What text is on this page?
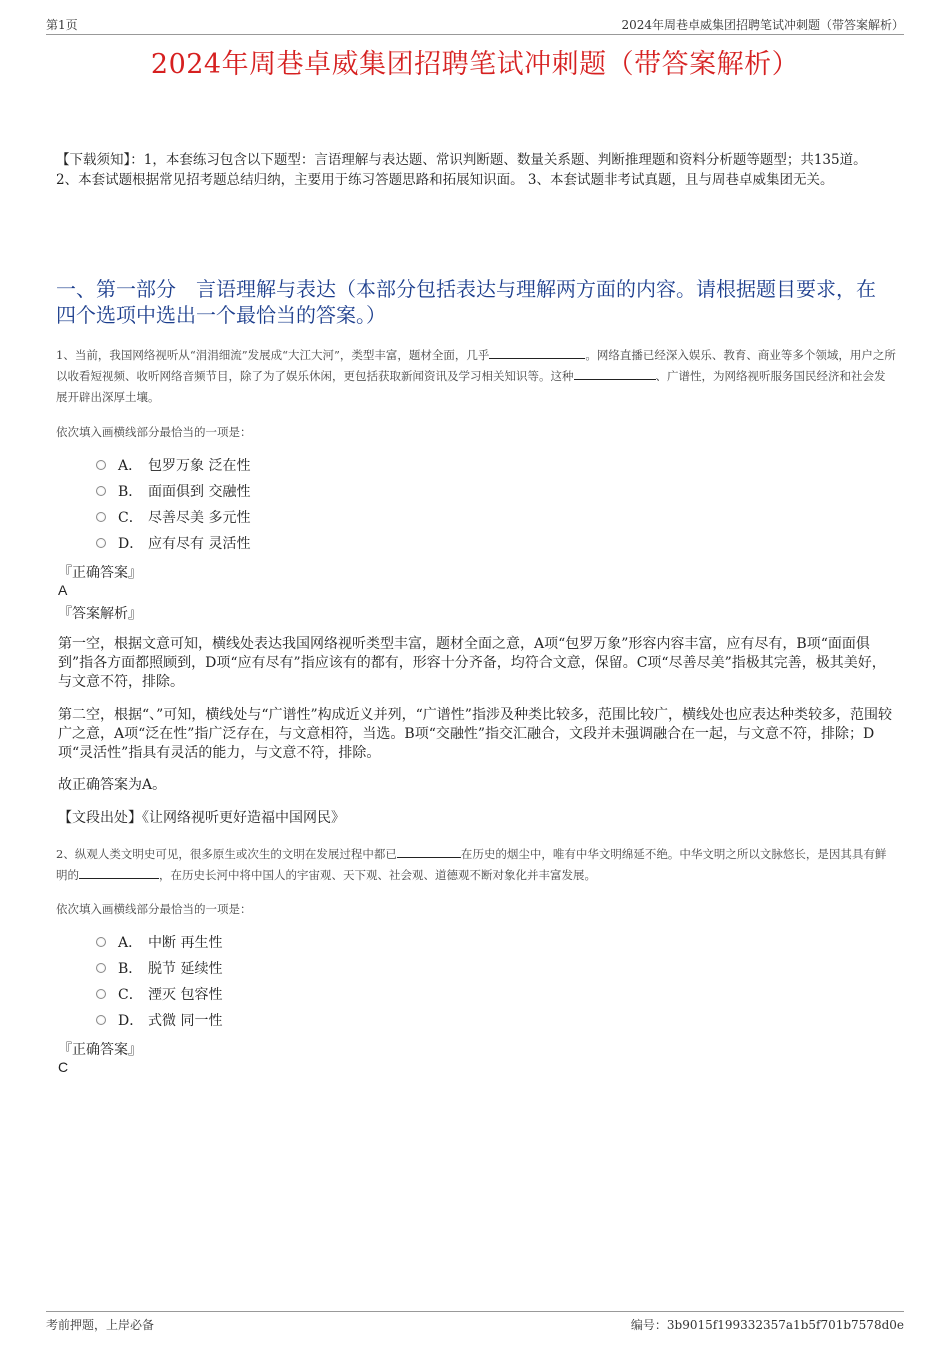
第1页	2024年周巷卓威集团招聘笔试冲刺题（带答案解析）
2024年周巷卓威集团招聘笔试冲刺题（带答案解析）
【下载须知】：1，本套练习包含以下题型：言语理解与表达题、常识判断题、数量关系题、判断推理题和资料分析题等题型；共135道。 2、本套试题根据常见招考题总结归纳，主要用于练习答题思路和拓展知识面。 3、本套试题非考试真题，且与周巷卓威集团无关。
一、第一部分　言语理解与表达（本部分包括表达与理解两方面的内容。请根据题目要求，在四个选项中选出一个最恰当的答案。）
1、当前，我国网络视听从“涓涓细流”发展成“大江大河”，类型丰富，题材全面，几乎	。网络直播已经深入娱乐、教育、商业等多个领域，用户之所以收看短视频、收听网络音频节目，除了为了娱乐休闲，更包括获取新闻资讯及学习相关知识等。这种	、广谱性，为网络视听服务国民经济和社会发展开辟出深厚土壤。
依次填入画横线部分最恰当的一项是：
A． 包罗万象 泛在性
B． 面面俱到 交融性
C． 尽善尽美 多元性
D． 应有尽有 灵活性
『正确答案』
A
『答案解析』
第一空，根据文意可知，横线处表达我国网络视听类型丰富，题材全面之意，A项“包罗万象”形容内容丰富，应有尽有，B项“面面俱到”指各方面都照顾到，D项“应有尽有”指应该有的都有，形容十分齐备，均符合文意，保留。C项“尽善尽美”指极其完善，极其美好，与文意不符，排除。
第二空，根据“、”可知，横线处与“广谱性”构成近义并列，“广谱性”指涉及种类比较多，范围比较广，横线处也应表达种类较多，范围较广之意，A项“泛在性”指广泛存在，与文意相符，当选。B项“交融性”指交汇融合，文段并未强调融合在一起，与文意不符，排除；D项“灵活性”指具有灵活的能力，与文意不符，排除。
故正确答案为A。
【文段出处】《让网络视听更好造福中国网民》
2、纵观人类文明史可见，很多原生或次生的文明在发展过程中都已	在历史的烟尘中，唯有中华文明绵延不绝。中华文明之所以文脉悠长，是因其具有鲜明的	，在历史长河中将中国人的宇宙观、天下观、社会观、道德观不断对象化并丰富发展。
依次填入画横线部分最恰当的一项是：
A． 中断 再生性
B． 脱节 延续性
C． 湮灭 包容性
D． 式微 同一性
『正确答案』
C
考前押题，上岸必备	编号：3b9015f199332357a1b5f701b7578d0e
